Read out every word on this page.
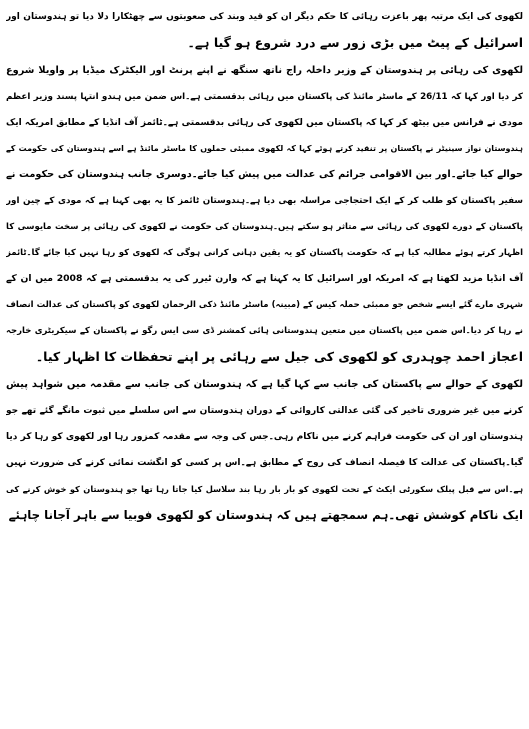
لکھوی کی ایک مرتبہ پھر باعزت رہائی کا حکم دیگر ان کو قید وبند کی صعوبتوں سے چھٹکارا دلا دیا تو ہندوستان اور
اسرائیل کے پیٹ میں بڑی زور سے درد شروع ہو گیا ہے۔
لکھوی کی رہائی پر ہندوستان کے وزیر داخلہ راج ناتھ سنگھ نے اپنے پرنٹ اور الیکٹرک میڈیا پر واویلا شروع
کر دیا اور کہا کہ 26/11 کے ماسٹر مائنڈ کی پاکستان میں رہائی بدقسمتی ہے۔اس ضمن میں ہندو انتہا پسند وزیر اعظم
مودی نے فرانس میں بیٹھ کر کہا کہ پاکستان میں لکھوی کی رہائی بدقسمتی ہے۔ٹائمز آف انڈیا کے مطابق امریکہ ایک
ہندوستان نواز سینیٹر نے پاکستان پر تنقید کرتے ہوئے کہا کہ لکھوی ممبئی حملوں کا ماسٹر مائنڈ ہے اسے ہندوستان کی حکومت کے
حوالے کیا جائے۔اور بین الاقوامی جرائم کی عدالت میں پیش کیا جائے۔دوسری جانب ہندوستان کی حکومت نے
سفیر پاکستان کو طلب کر کے ایک احتجاجی مراسلہ بھی دیا ہے۔ہندوستان ٹائمز کا یہ بھی کہنا ہے کہ مودی کے چین اور
پاکستان کے دورے لکھوی کی رہائی سے متاثر ہو سکتے ہیں۔ہندوستان کی حکومت نے لکھوی کی رہائی پر سخت مایوسی کا
اظہار کرتے ہوئے مطالبہ کیا ہے کہ حکومت پاکستان کو یہ یقین دہانی کرانی ہوگی کہ لکھوی کو رہا نہیں کیا جائے گا۔ٹائمز
آف انڈیا مزید لکھتا ہے کہ امریکہ اور اسرائیل کا یہ کہنا ہے کہ وارن ٹیرر کی یہ بدقسمتی ہے کہ 2008 میں ان کے
شہری مارے گئے ایسے شخص جو ممبئی حملہ کیس کے (مبینہ) ماسٹر مائنڈ ذکی الرحمان لکھوی کو پاکستان کی عدالت انصاف
نے رہا کر دیا۔اس ضمن میں پاکستان میں متعین ہندوستانی ہائی کمشنر ڈی سی ایس رگو نے پاکستان کے سیکریٹری خارجہ
اعجاز احمد چوہدری کو لکھوی کی جیل سے رہائی پر اپنے تحفظات کا اظہار کیا۔
لکھوی کے حوالے سے پاکستان کی جانب سے کہا گیا ہے کہ ہندوستان کی جانب سے مقدمہ میں شواہد پیش
کرنے میں غیر ضروری تاخیر کی گئی عدالتی کاروائی کے دوران ہندوستان سے اس سلسلے میں ثبوت مانگے گئے تھے جو
ہندوستان اور ان کی حکومت فراہم کرنے میں ناکام رہی۔جس کی وجہ سے مقدمہ کمزور رہا اور لکھوی کو رہا کر دیا
گیا۔پاکستان کی عدالت کا فیصلہ انصاف کی روح کے مطابق ہے۔اس پر کسی کو انگشت نمائی کرنے کی ضرورت نہیں
ہے۔اس سے قبل پبلک سکورٹی ایکٹ کے تحت لکھوی کو بار بار رہا بند سلاسل کیا جاتا رہا تھا جو ہندوستان کو خوش کرنے کی
ایک ناکام کوشش تھی۔ہم سمجھتے ہیں کہ ہندوستان کو لکھوی فوبیا سے باہر آجانا چاہئے
